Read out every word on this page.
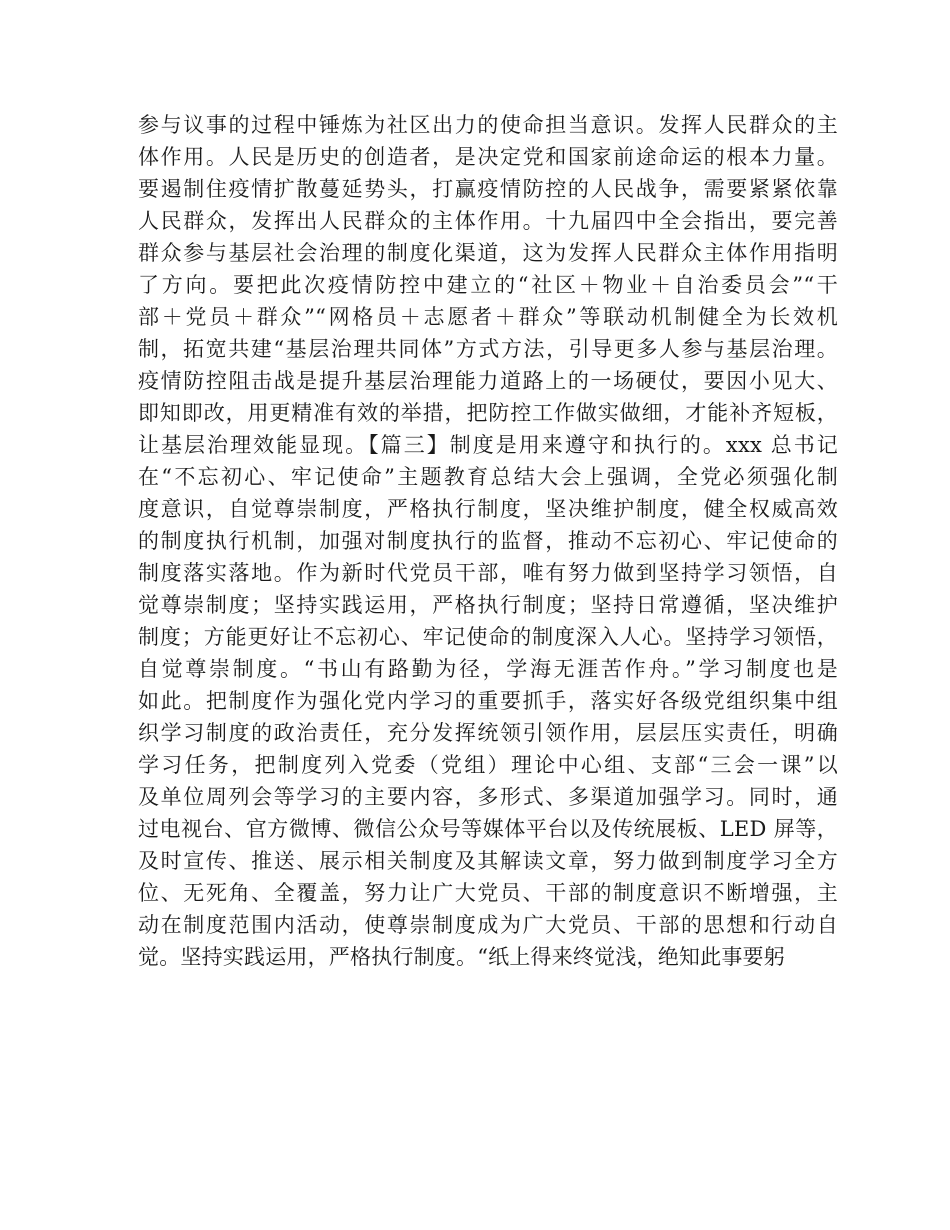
参与议事的过程中锤炼为社区出力的使命担当意识。发挥人民群众的主
体作用。人民是历史的创造者，是决定党和国家前途命运的根本力量。
要遏制住疫情扩散蔓延势头，打赢疫情防控的人民战争，需要紧紧依靠
人民群众，发挥出人民群众的主体作用。十九届四中全会指出，要完善
群众参与基层社会治理的制度化渠道，这为发挥人民群众主体作用指明
了方向。要把此次疫情防控中建立的“社区＋物业＋自治委员会”“干
部＋党员＋群众”“网格员＋志愿者＋群众”等联动机制健全为长效机
制，拓宽共建“基层治理共同体”方式方法，引导更多人参与基层治理。
疫情防控阻击战是提升基层治理能力道路上的一场硬仗，要因小见大、
即知即改，用更精准有效的举措，把防控工作做实做细，才能补齐短板，
让基层治理效能显现。【篇三】制度是用来遵守和执行的。xxx 总书记
在“不忘初心、牢记使命”主题教育总结大会上强调，全党必须强化制
度意识，自觉尊崇制度，严格执行制度，坚决维护制度，健全权威高效
的制度执行机制，加强对制度执行的监督，推动不忘初心、牢记使命的
制度落实落地。作为新时代党员干部，唯有努力做到坚持学习领悟，自
觉尊崇制度；坚持实践运用，严格执行制度；坚持日常遵循，坚决维护
制度；方能更好让不忘初心、牢记使命的制度深入人心。坚持学习领悟，
自觉尊崇制度。“书山有路勤为径，学海无涯苦作舟。”学习制度也是
如此。把制度作为强化党内学习的重要抓手，落实好各级党组织集中组
织学习制度的政治责任，充分发挥统领引领作用，层层压实责任，明确
学习任务，把制度列入党委（党组）理论中心组、支部“三会一课”以
及单位周列会等学习的主要内容，多形式、多渠道加强学习。同时，通
过电视台、官方微博、微信公众号等媒体平台以及传统展板、LED 屏等，
及时宣传、推送、展示相关制度及其解读文章，努力做到制度学习全方
位、无死角、全覆盖，努力让广大党员、干部的制度意识不断增强，主
动在制度范围内活动，使尊崇制度成为广大党员、干部的思想和行动自
觉。坚持实践运用，严格执行制度。“纸上得来终觉浅，绝知此事要躬
